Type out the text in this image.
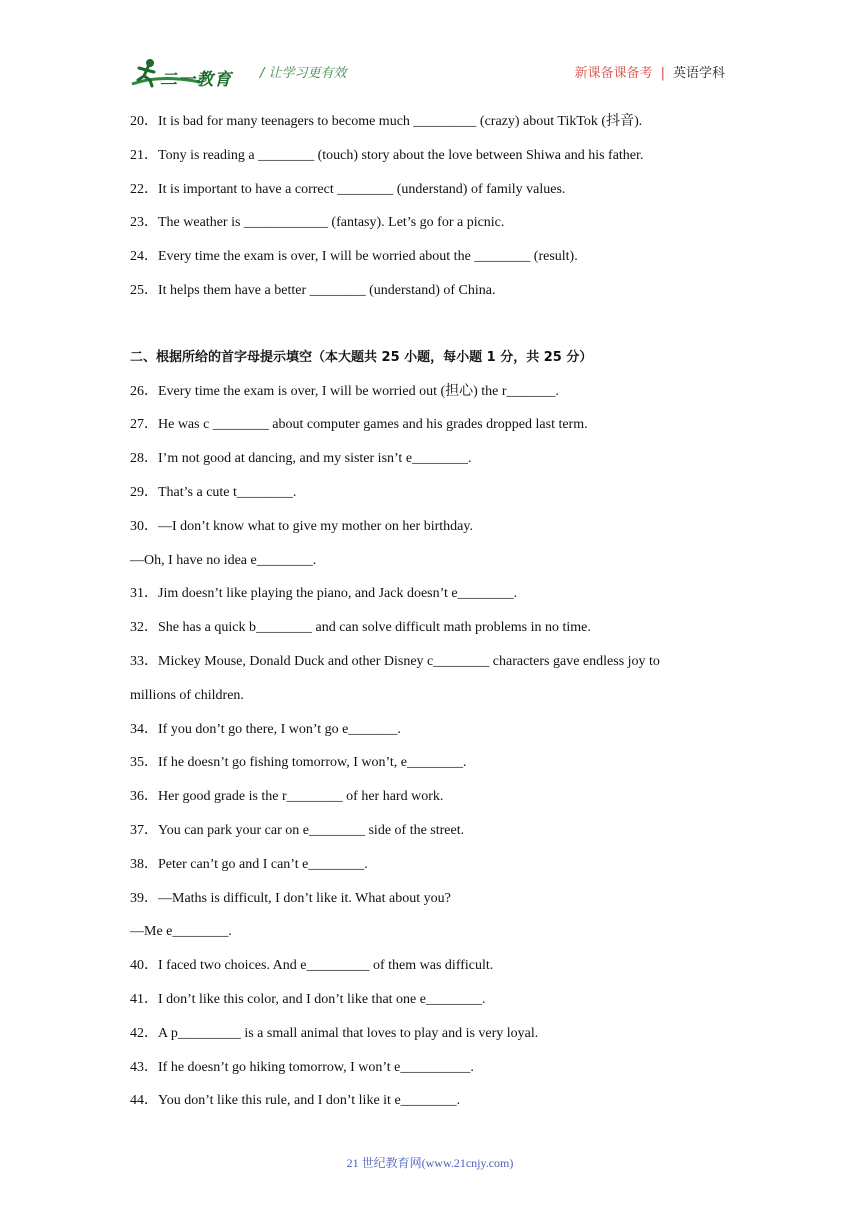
二一教育 / 让学习更有效	新课备课备考 | 英语学科
20．It is bad for many teenagers to become much _________ (crazy) about TikTok (抖音).
21．Tony is reading a ________ (touch) story about the love between Shiwa and his father.
22．It is important to have a correct ________ (understand) of family values.
23．The weather is ____________ (fantasy). Let’s go for a picnic.
24．Every time the exam is over, I will be worried about the ________ (result).
25．It helps them have a better ________ (understand) of China.
二、根据所给的首字母提示填空（本大题共 25 小题，每小题 1 分，共 25 分）
26．Every time the exam is over, I will be worried out (担心) the r_______.
27．He was c ________ about computer games and his grades dropped last term.
28．I’m not good at dancing, and my sister isn’t e________.
29．That’s a cute t________.
30．—I don’t know what to give my mother on her birthday.
—Oh, I have no idea e________.
31．Jim doesn’t like playing the piano, and Jack doesn’t e________.
32．She has a quick b________ and can solve difficult math problems in no time.
33．Mickey Mouse, Donald Duck and other Disney c________ characters gave endless joy to
millions of children.
34．If you don’t go there, I won’t go e_______.
35．If he doesn’t go fishing tomorrow, I won’t, e________.
36．Her good grade is the r________ of her hard work.
37．You can park your car on e________ side of the street.
38．Peter can’t go and I can’t e________.
39．—Maths is difficult, I don’t like it. What about you?
—Me e________.
40．I faced two choices. And e_________ of them was difficult.
41．I don’t like this color, and I don’t like that one e________.
42．A p_________ is a small animal that loves to play and is very loyal.
43．If he doesn’t go hiking tomorrow, I won’t e__________.
44．You don’t like this rule, and I don’t like it e________.
21 世纪教育网(www.21cnjy.com)
